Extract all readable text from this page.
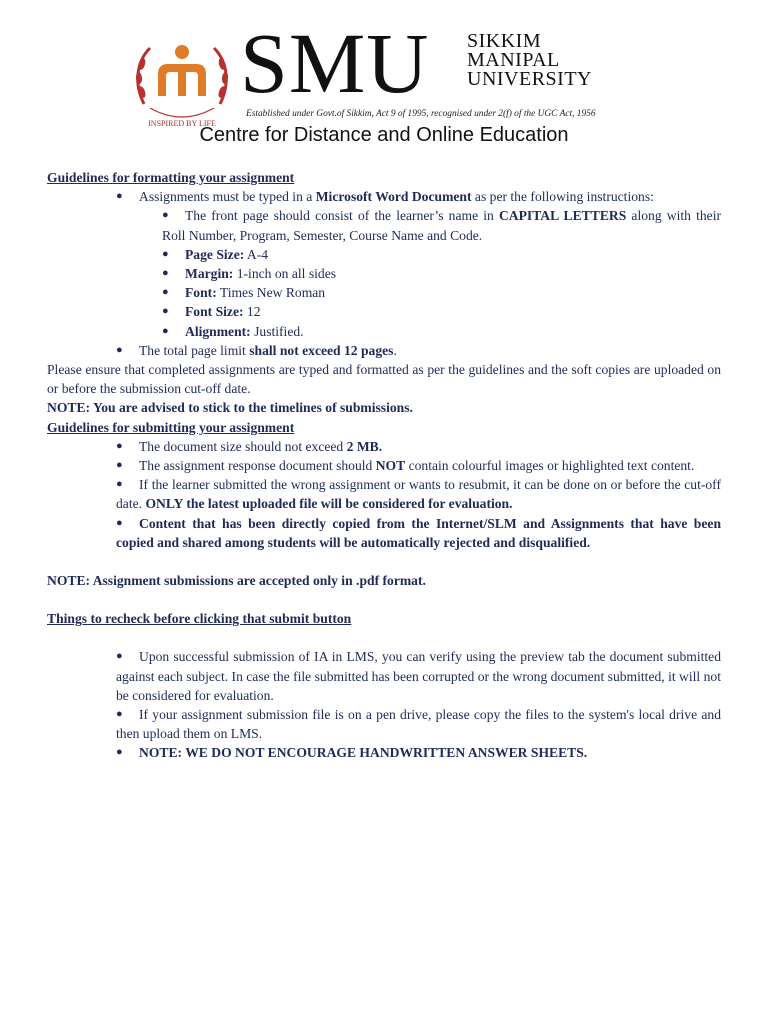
INSPIRED BY LIFE
SMU SIKKIM
MANIPAL
UNIVERSITY
Established under Govt.of Sikkim, Act 9 of 1995, recognised under 2(f) of the UGC Act, 1956
Centre for Distance and Online Education

Guidelines for formatting your assignment

● Assignments must be typed in a Microsoft Word Document as per the following instructions:
● The front page should consist of the learner’s name in CAPITAL LETTERS along with their Roll Number, Program, Semester, Course Name and Code.
● Page Size: A-4
● Margin: 1-inch on all sides
● Font: Times New Roman
● Font Size: 12
● Alignment: Justified.
● The total page limit shall not exceed 12 pages.

Please ensure that completed assignments are typed and formatted as per the guidelines and the soft copies are uploaded on or before the submission cut-off date.

NOTE: You are advised to stick to the timelines of submissions.

Guidelines for submitting your assignment

● The document size should not exceed 2 MB.
● The assignment response document should NOT contain colourful images or highlighted text content.
● If the learner submitted the wrong assignment or wants to resubmit, it can be done on or before the cut-off date. ONLY the latest uploaded file will be considered for evaluation.
● Content that has been directly copied from the Internet/SLM and Assignments that have been copied and shared among students will be automatically rejected and disqualified.

NOTE: Assignment submissions are accepted only in .pdf format.

Things to recheck before clicking that submit button

● Upon successful submission of IA in LMS, you can verify using the preview tab the document submitted against each subject. In case the file submitted has been corrupted or the wrong document submitted, it will not be considered for evaluation.
● If your assignment submission file is on a pen drive, please copy the files to the system's local drive and then upload them on LMS.
● NOTE: WE DO NOT ENCOURAGE HANDWRITTEN ANSWER SHEETS.
